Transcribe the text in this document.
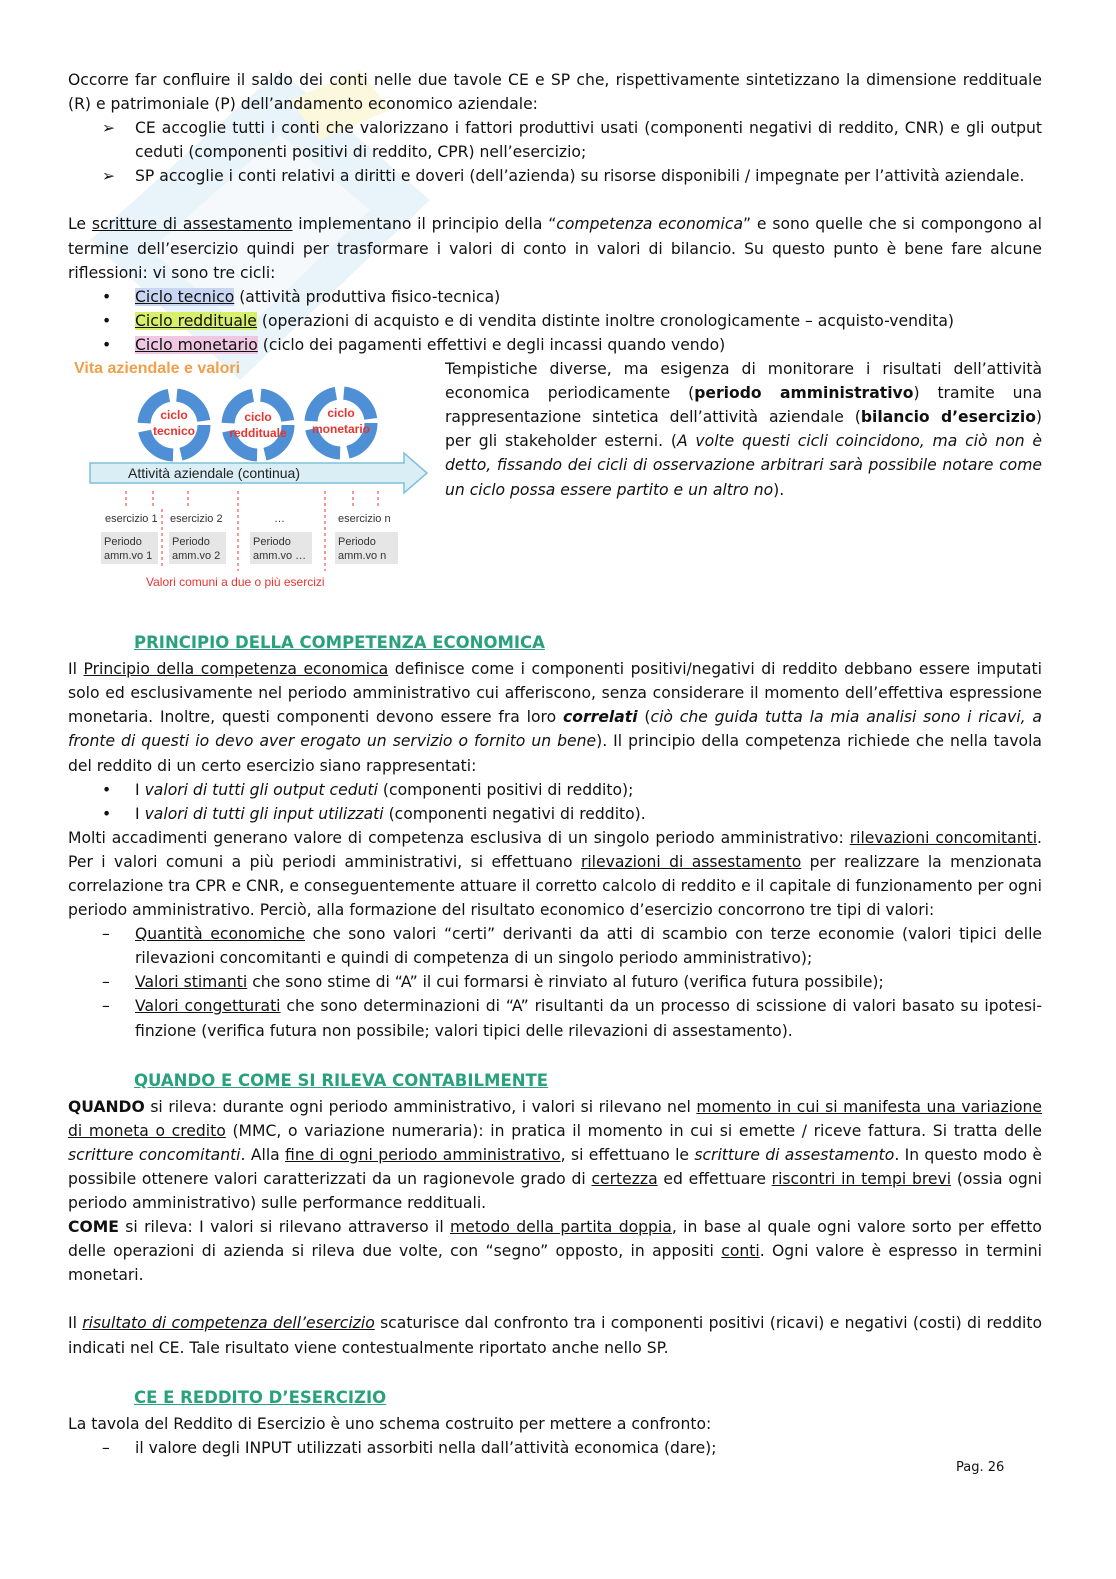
Occorre far confluire il saldo dei conti nelle due tavole CE e SP che, rispettivamente sintetizzano la dimensione reddituale (R) e patrimoniale (P) dell’andamento economico aziendale:

➢ CE accoglie tutti i conti che valorizzano i fattori produttivi usati (componenti negativi di reddito, CNR) e gli output ceduti (componenti positivi di reddito, CPR) nell’esercizio;
➢ SP accoglie i conti relativi a diritti e doveri (dell’azienda) su risorse disponibili / impegnate per l’attività aziendale.

Le scritture di assestamento implementano il principio della “competenza economica” e sono quelle che si compongono al termine dell’esercizio quindi per trasformare i valori di conto in valori di bilancio. Su questo punto è bene fare alcune riflessioni: vi sono tre cicli:

• Ciclo tecnico (attività produttiva fisico-tecnica)
• Ciclo reddituale (operazioni di acquisto e di vendita distinte inoltre cronologicamente – acquisto-vendita)
• Ciclo monetario (ciclo dei pagamenti effettivi e degli incassi quando vendo)
Vita aziendale e valori
ciclo
tecnico
ciclo
reddituale
ciclo
monetario
Attività aziendale (continua)
esercizio 1 esercizio 2	…	esercizio n
Periodo
amm.vo 1
Periodo
amm.vo 2
Periodo
amm.vo …
Periodo
amm.vo n
Valori comuni a due o più esercizi

Tempistiche diverse, ma esigenza di monitorare i risultati dell’attività economica periodicamente (periodo amministrativo) tramite una rappresentazione sintetica dell’attività aziendale (bilancio d’esercizio) per gli stakeholder esterni. (A volte questi cicli coincidono, ma ciò non è detto, fissando dei cicli di osservazione arbitrari sarà possibile notare come un ciclo possa essere partito e un altro no).

PRINCIPIO DELLA COMPETENZA ECONOMICA

Il Principio della competenza economica definisce come i componenti positivi/negativi di reddito debbano essere imputati solo ed esclusivamente nel periodo amministrativo cui afferiscono, senza considerare il momento dell’effettiva espressione monetaria. Inoltre, questi componenti devono essere fra loro correlati (ciò che guida tutta la mia analisi sono i ricavi, a fronte di questi io devo aver erogato un servizio o fornito un bene). Il principio della competenza richiede che nella tavola del reddito di un certo esercizio siano rappresentati:

• I valori di tutti gli output ceduti (componenti positivi di reddito);
• I valori di tutti gli input utilizzati (componenti negativi di reddito).

Molti accadimenti generano valore di competenza esclusiva di un singolo periodo amministrativo: rilevazioni concomitanti. Per i valori comuni a più periodi amministrativi, si effettuano rilevazioni di assestamento per realizzare la menzionata correlazione tra CPR e CNR, e conseguentemente attuare il corretto calcolo di reddito e il capitale di funzionamento per ogni periodo amministrativo. Perciò, alla formazione del risultato economico d’esercizio concorrono tre tipi di valori:

– Quantità economiche che sono valori “certi” derivanti da atti di scambio con terze economie (valori tipici delle rilevazioni concomitanti e quindi di competenza di un singolo periodo amministrativo);
– Valori stimanti che sono stime di “A” il cui formarsi è rinviato al futuro (verifica futura possibile);
– Valori congetturati che sono determinazioni di “A” risultanti da un processo di scissione di valori basato su ipotesi-finzione (verifica futura non possibile; valori tipici delle rilevazioni di assestamento).
QUANDO E COME SI RILEVA CONTABILMENTE

QUANDO si rileva: durante ogni periodo amministrativo, i valori si rilevano nel momento in cui si manifesta una variazione di moneta o credito (MMC, o variazione numeraria): in pratica il momento in cui si emette / riceve fattura. Si tratta delle scritture concomitanti. Alla fine di ogni periodo amministrativo, si effettuano le scritture di assestamento. In questo modo è possibile ottenere valori caratterizzati da un ragionevole grado di certezza ed effettuare riscontri in tempi brevi (ossia ogni periodo amministrativo) sulle performance reddituali.

COME si rileva: I valori si rilevano attraverso il metodo della partita doppia, in base al quale ogni valore sorto per effetto delle operazioni di azienda si rileva due volte, con “segno” opposto, in appositi conti. Ogni valore è espresso in termini monetari.

Il risultato di competenza dell’esercizio scaturisce dal confronto tra i componenti positivi (ricavi) e negativi (costi) di reddito indicati nel CE. Tale risultato viene contestualmente riportato anche nello SP.

CE E REDDITO D’ESERCIZIO

La tavola del Reddito di Esercizio è uno schema costruito per mettere a confronto:

– il valore degli INPUT utilizzati assorbiti nella dall’attività economica (dare);
Pag. 26
